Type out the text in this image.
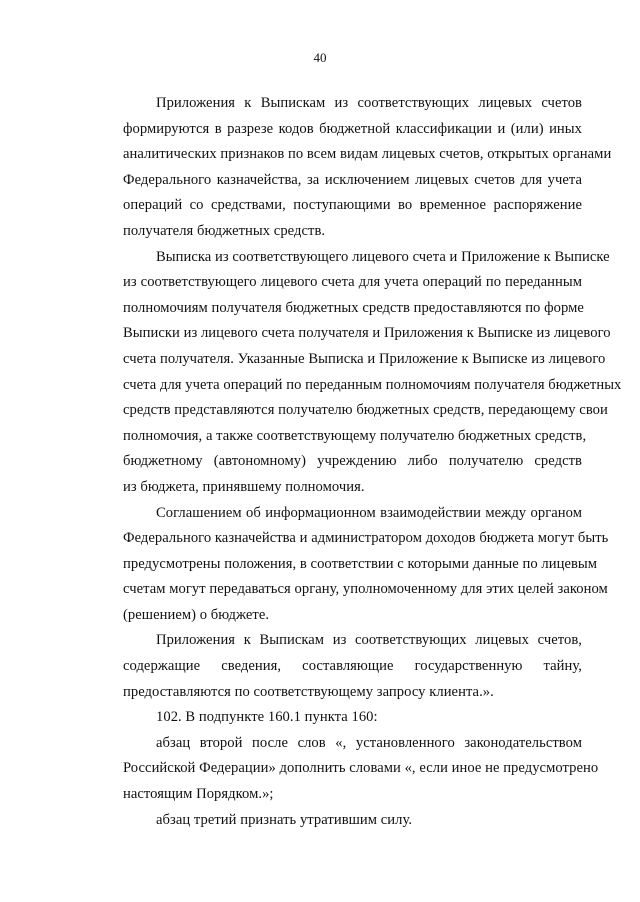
40
Приложения к Выпискам из соответствующих лицевых счетов
формируются в разрезе кодов бюджетной классификации и (или) иных
аналитических признаков по всем видам лицевых счетов, открытых органами
Федерального казначейства, за исключением лицевых счетов для учета
операций со средствами, поступающими во временное распоряжение
получателя бюджетных средств.
Выписка из соответствующего лицевого счета и Приложение к Выписке
из соответствующего лицевого счета для учета операций по переданным
полномочиям получателя бюджетных средств предоставляются по форме
Выписки из лицевого счета получателя и Приложения к Выписке из лицевого
счета получателя. Указанные Выписка и Приложение к Выписке из лицевого
счета для учета операций по переданным полномочиям получателя бюджетных
средств представляются получателю бюджетных средств, передающему свои
полномочия, а также соответствующему получателю бюджетных средств,
бюджетному (автономному) учреждению либо получателю средств
из бюджета, принявшему полномочия.
Соглашением об информационном взаимодействии между органом
Федерального казначейства и администратором доходов бюджета могут быть
предусмотрены положения, в соответствии с которыми данные по лицевым
счетам могут передаваться органу, уполномоченному для этих целей законом
(решением) о бюджете.
Приложения к Выпискам из соответствующих лицевых счетов,
содержащие сведения, составляющие государственную тайну,
предоставляются по соответствующему запросу клиента.».
102. В подпункте 160.1 пункта 160:
абзац второй после слов «, установленного законодательством
Российской Федерации» дополнить словами «, если иное не предусмотрено
настоящим Порядком.»;
абзац третий признать утратившим силу.
